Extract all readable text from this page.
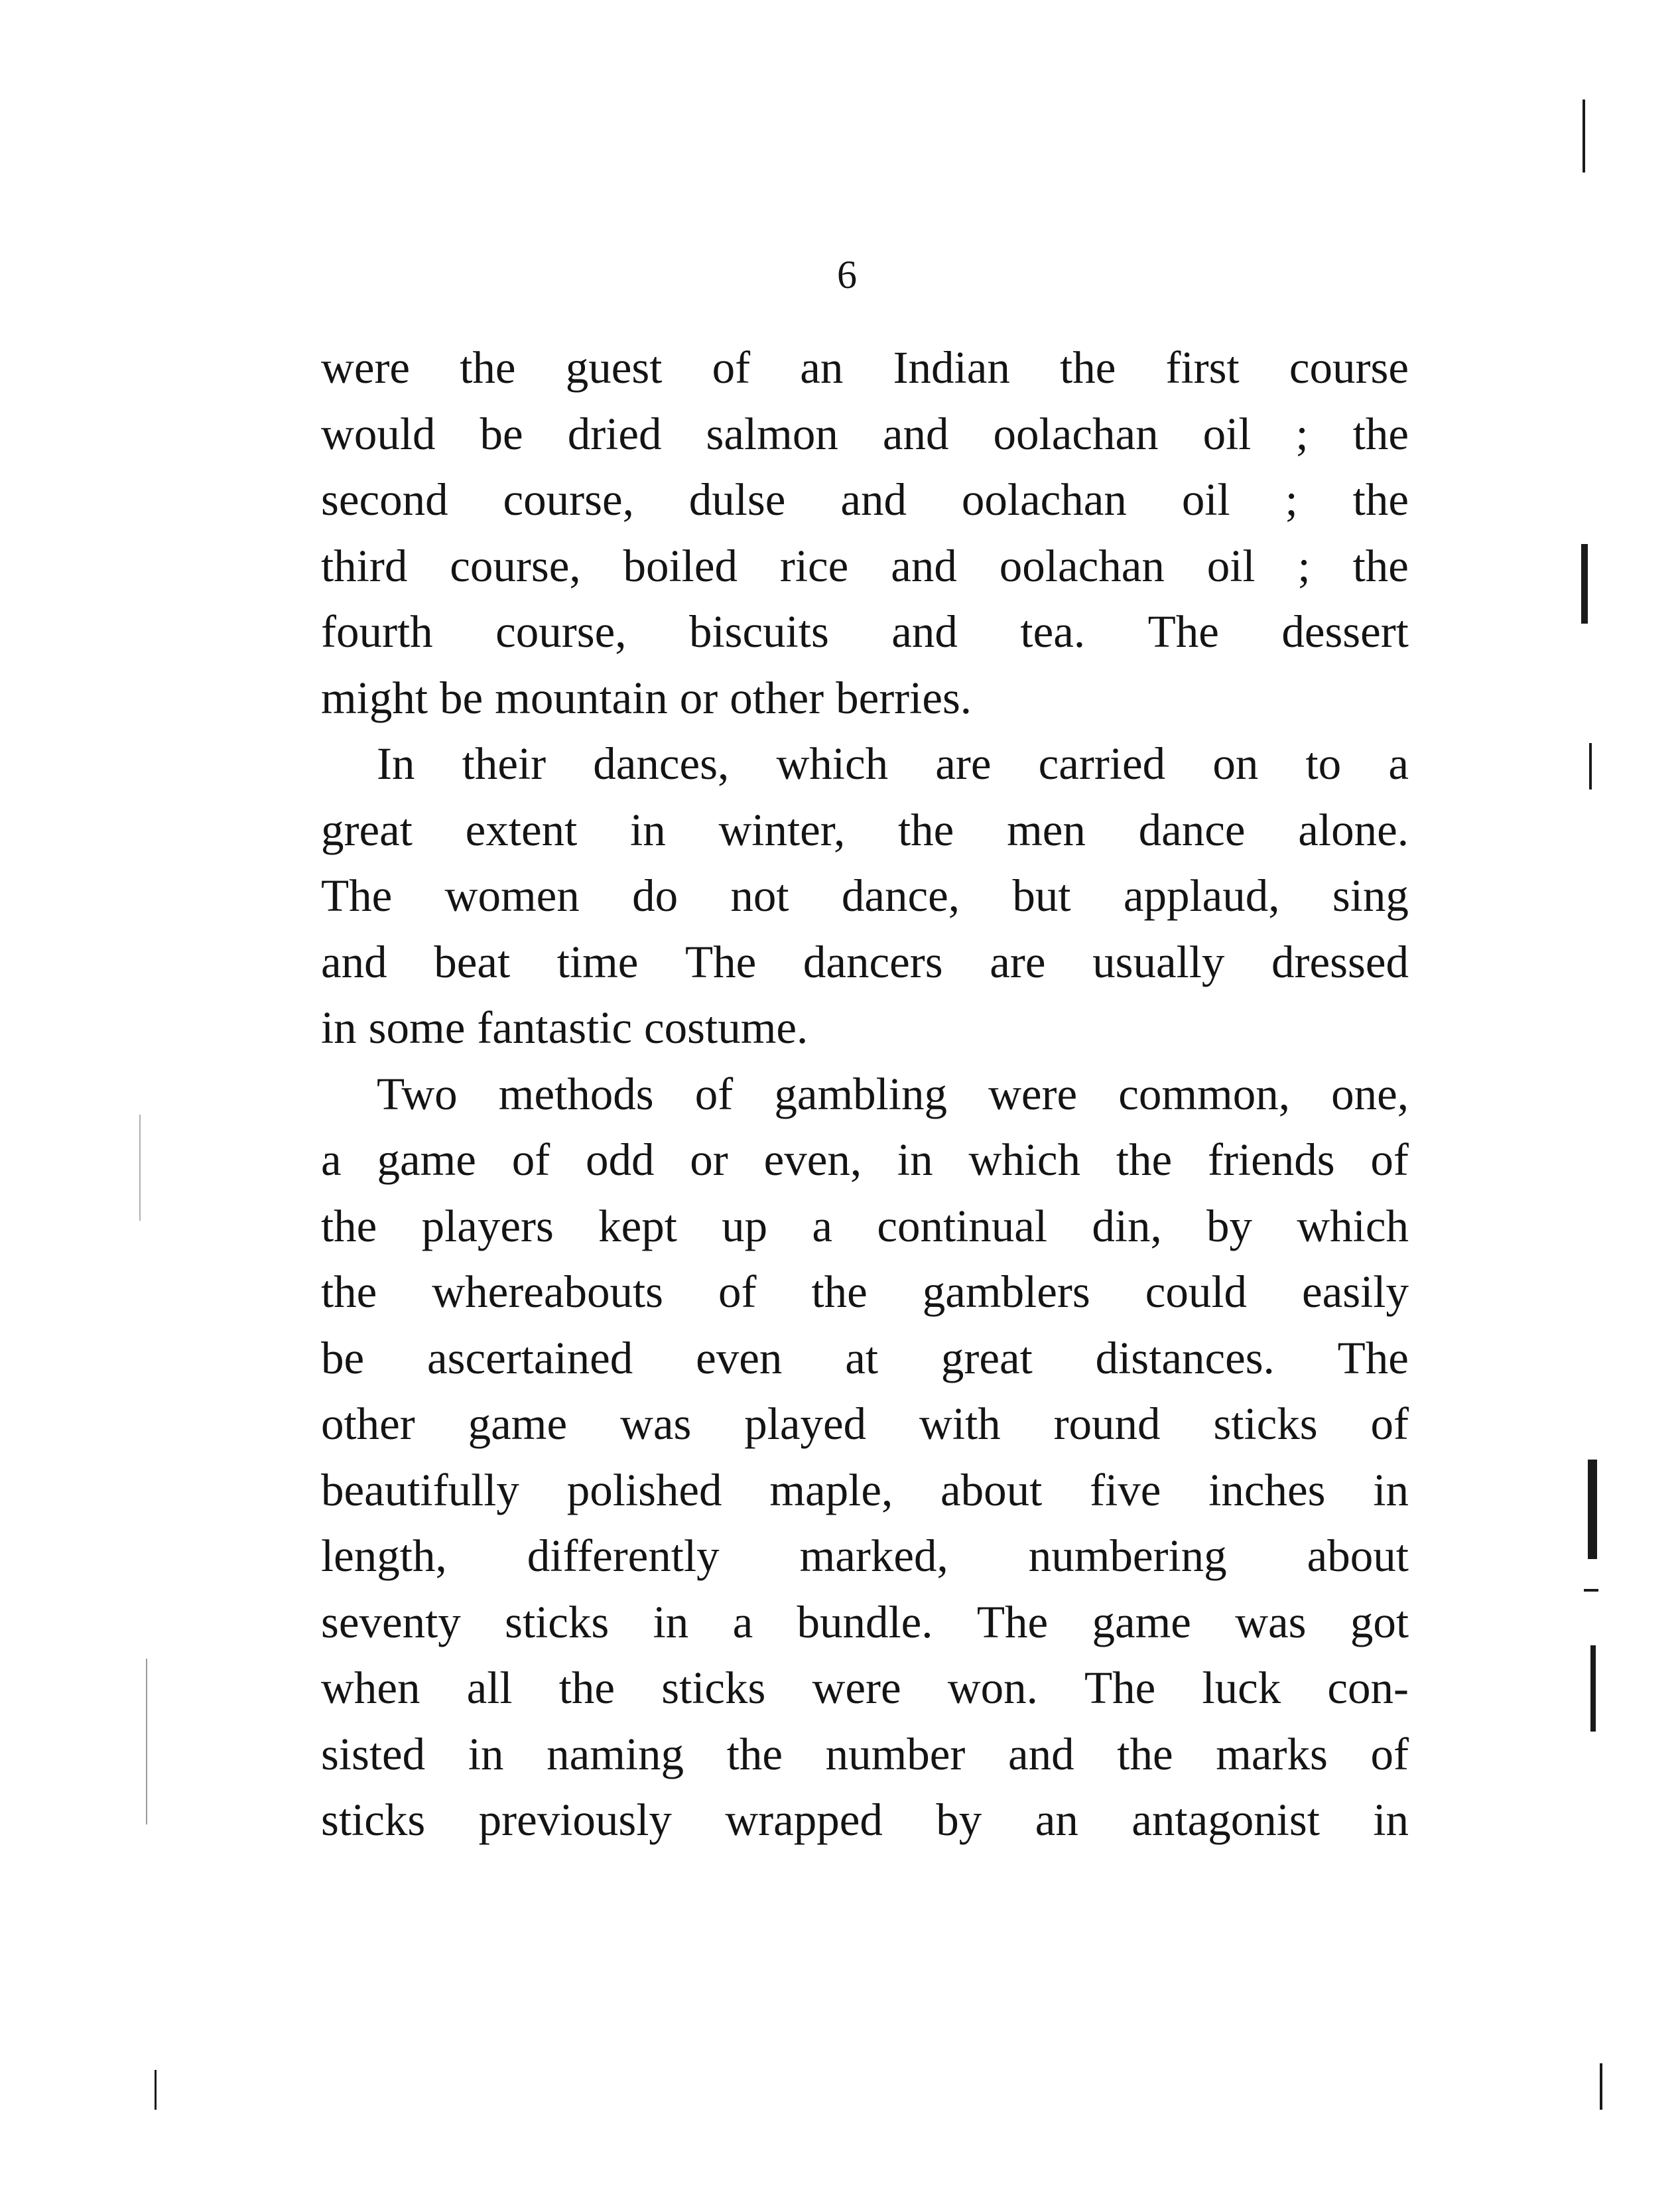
6
were the guest of an Indian the first course
would be dried salmon and oolachan oil ; the
second course, dulse and oolachan oil ; the
third course, boiled rice and oolachan oil ; the
fourth course, biscuits and tea. The dessert
might be mountain or other berries.
In their dances, which are carried on to a
great extent in winter, the men dance alone.
The women do not dance, but applaud, sing
and beat time The dancers are usually dressed
in some fantastic costume.
Two methods of gambling were common, one,
a game of odd or even, in which the friends of
the players kept up a continual din, by which
the whereabouts of the gamblers could easily
be ascertained even at great distances. The
other game was played with round sticks of
beautifully polished maple, about five inches in
length, differently marked, numbering about
seventy sticks in a bundle. The game was got
when all the sticks were won. The luck con-
sisted in naming the number and the marks of
sticks previously wrapped by an antagonist in
